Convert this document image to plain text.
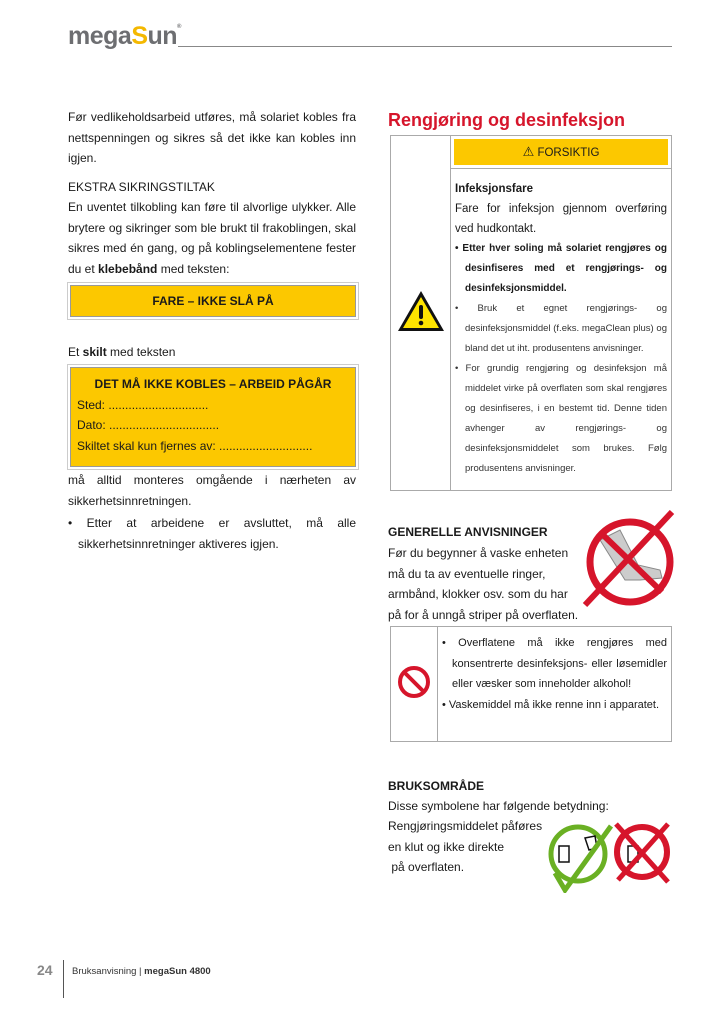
megaSun®
Før vedlikeholdsarbeid utføres, må solariet kobles fra nettspenningen og sikres så det ikke kan kobles inn igjen.
EKSTRA SIKRINGSTILTAK
En uventet tilkobling kan føre til alvorlige ulykker. Alle brytere og sikringer som ble brukt til frakoblingen, skal sikres med én gang, og på koblingselementene fester du et klebebånd med teksten:
FARE – IKKE SLÅ PÅ
Et skilt med teksten
DET MÅ IKKE KOBLES – ARBEID PÅGÅR
Sted: ..............................
Dato: .................................
Skiltet skal kun fjernes av: ............................
må alltid monteres omgående i nærheten av sikkerhetsinnretningen.
• Etter at arbeidene er avsluttet, må alle sikkerhetsinnretninger aktiveres igjen.
Rengjøring og desinfeksjon

⚠ FORSIKTIG

Infeksjonsfare
Fare for infeksjon gjennom overføring ved hudkontakt.
• Etter hver soling må solariet rengjøres og desinfiseres med et rengjørings- og desinfeksjonsmiddel.
• Bruk et egnet rengjørings- og desinfeksjonsmiddel (f.eks. megaClean plus) og bland det ut iht. produsentens anvisninger.
• For grundig rengjøring og desinfeksjon må middelet virke på overflaten som skal rengjøres og desinfiseres, i en bestemt tid. Denne tiden avhenger av rengjørings- og desinfeksjonsmiddelet som brukes. Følg produsentens anvisninger.
GENERELLE ANVISNINGER
Før du begynner å vaske enheten
må du ta av eventuelle ringer,
armbånd, klokker osv. som du har
på for å unngå striper på overflaten.

• Overflatene må ikke rengjøres med konsentrerte desinfeksjons- eller løsemidler eller væsker som inneholder alkohol!
• Vaskemiddel må ikke renne inn i apparatet.
BRUKSOMRÅDE
Disse symbolene har følgende betydning:
Rengjøringsmiddelet påføres
en klut og ikke direkte
på overflaten.
24 Bruksanvisning | megaSun 4800
